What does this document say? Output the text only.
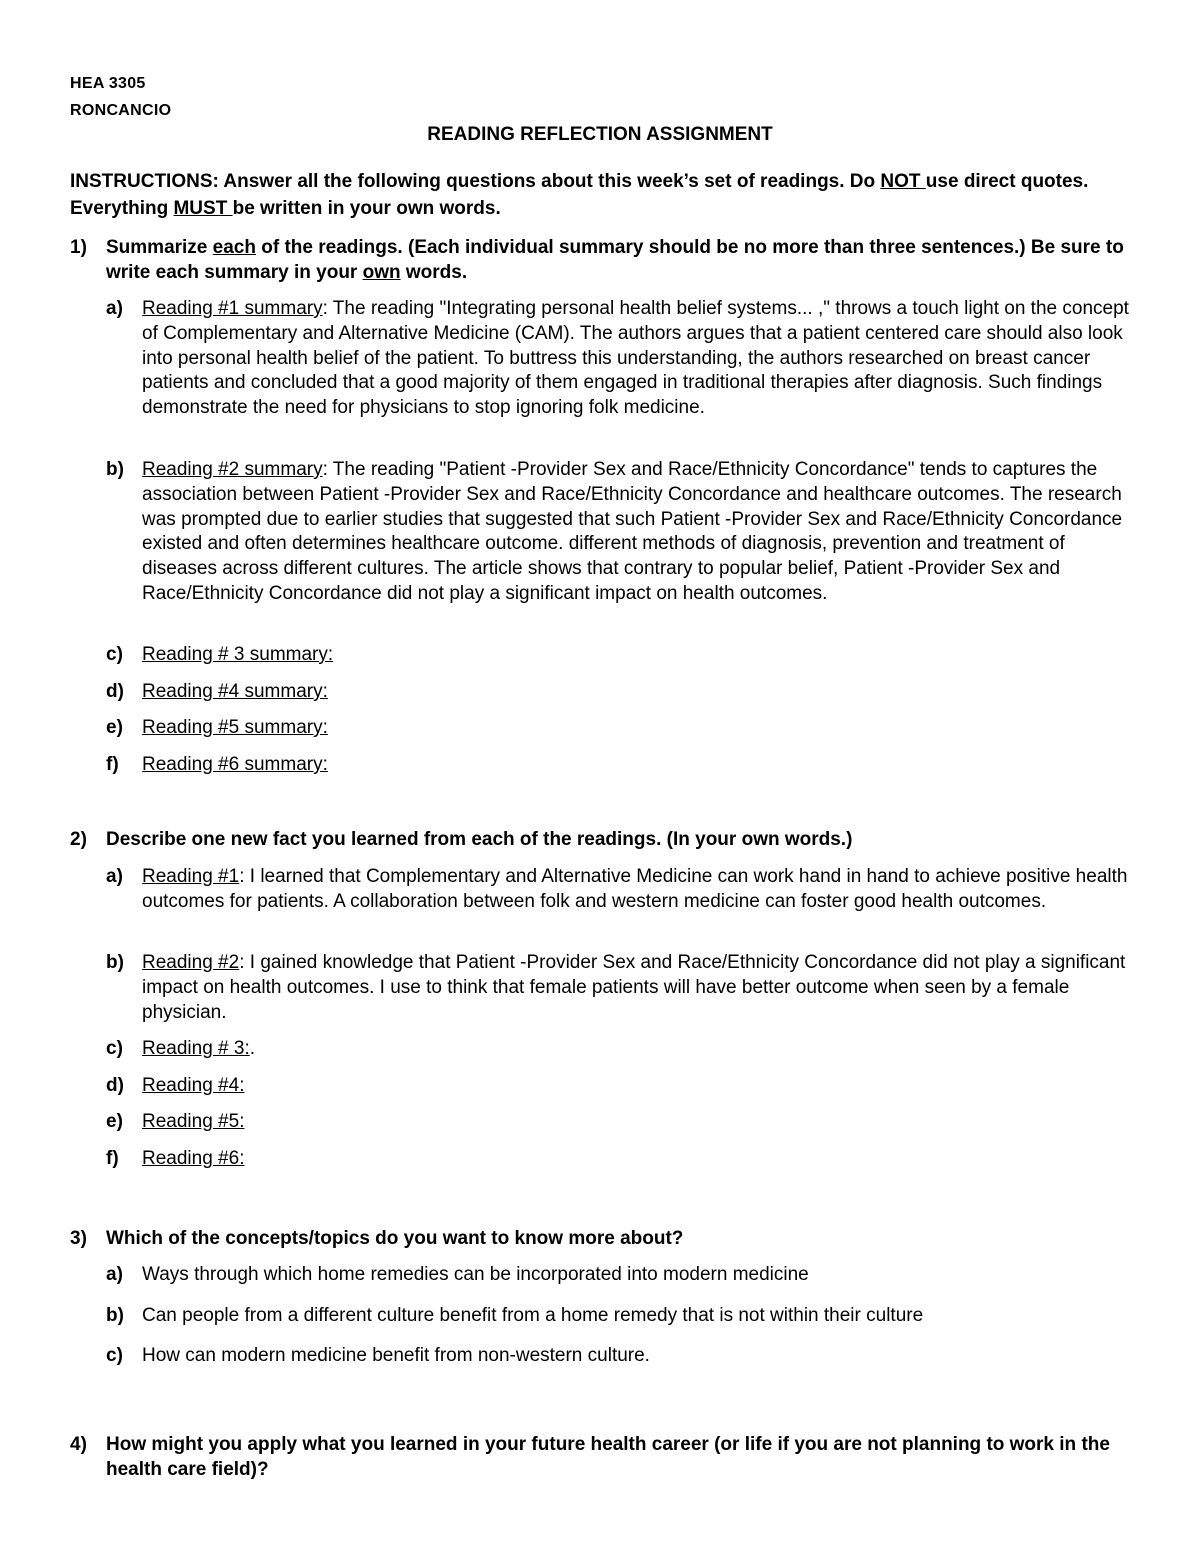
HEA 3305
RONCANCIO
READING REFLECTION ASSIGNMENT
INSTRUCTIONS: Answer all the following questions about this week’s set of readings. Do NOT use direct quotes. Everything MUST be written in your own words.
1) Summarize each of the readings. (Each individual summary should be no more than three sentences.) Be sure to write each summary in your own words.
a) Reading #1 summary: The reading "Integrating personal health belief systems... ," throws a touch light on the concept of Complementary and Alternative Medicine (CAM). The authors argues that a patient centered care should also look into personal health belief of the patient. To buttress this understanding, the authors researched on breast cancer patients and concluded that a good majority of them engaged in traditional therapies after diagnosis. Such findings demonstrate the need for physicians to stop ignoring folk medicine.
b) Reading #2 summary: The reading "Patient -Provider Sex and Race/Ethnicity Concordance" tends to captures the association between Patient -Provider Sex and Race/Ethnicity Concordance and healthcare outcomes. The research was prompted due to earlier studies that suggested that such Patient -Provider Sex and Race/Ethnicity Concordance existed and often determines healthcare outcome. different methods of diagnosis, prevention and treatment of diseases across different cultures. The article shows that contrary to popular belief, Patient -Provider Sex and Race/Ethnicity Concordance did not play a significant impact on health outcomes.
c) Reading # 3 summary:
d) Reading #4 summary:
e) Reading #5 summary:
f) Reading #6 summary:
2) Describe one new fact you learned from each of the readings. (In your own words.)
a) Reading #1: I learned that Complementary and Alternative Medicine can work hand in hand to achieve positive health outcomes for patients. A collaboration between folk and western medicine can foster good health outcomes.
b) Reading #2: I gained knowledge that Patient -Provider Sex and Race/Ethnicity Concordance did not play a significant impact on health outcomes. I use to think that female patients will have better outcome when seen by a female physician.
c) Reading # 3:.
d) Reading #4:
e) Reading #5:
f) Reading #6:
3) Which of the concepts/topics do you want to know more about?
a) Ways through which home remedies can be incorporated into modern medicine
b) Can people from a different culture benefit from a home remedy that is not within their culture
c) How can modern medicine benefit from non-western culture.
4) How might you apply what you learned in your future health career (or life if you are not planning to work in the health care field)?
